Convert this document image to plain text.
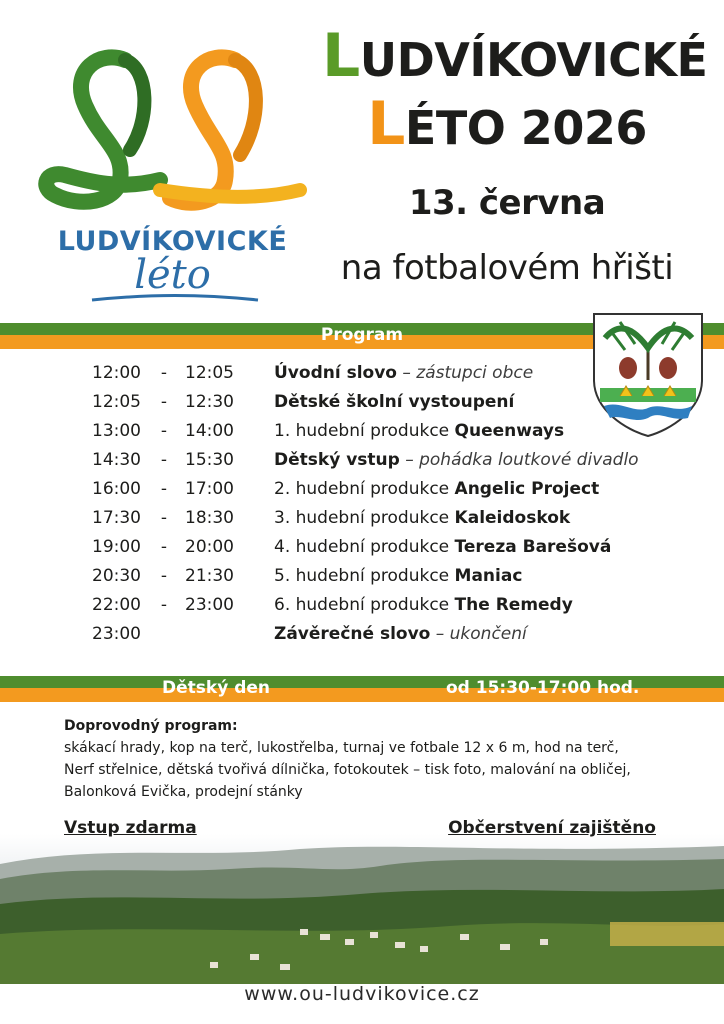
LUDVÍKOVICKÉ
léto
LUDVÍKOVICKÉ
LÉTO 2026
13. června
na fotbalovém hřišti
Program
12:00	-	12:05 Úvodní slovo – zástupci obce
12:05	-	12:30 Dětské školní vystoupení
13:00	-	14:00 1. hudební produkce Queenways
14:30	-	15:30 Dětský vstup – pohádka loutkové divadlo
16:00	-	17:00 2. hudební produkce Angelic Project
17:30	-	18:30 3. hudební produkce Kaleidoskok
19:00	-	20:00 4. hudební produkce Tereza Barešová
20:30	-	21:30 5. hudební produkce Maniac
22:00	-	23:00 6. hudební produkce The Remedy
23:00	Závěrečné slovo – ukončení
Dětský den	od 15:30-17:00 hod.
Doprovodný program:
skákací hrady, kop na terč, lukostřelba, turnaj ve fotbale 12 x 6 m, hod na terč,
Nerf střelnice, dětská tvořivá dílnička, fotokoutek – tisk foto, malování na obličej,
Balonková Evička, prodejní stánky
Vstup zdarma	Občerstvení zajištěno
www.ou-ludvikovice.cz
